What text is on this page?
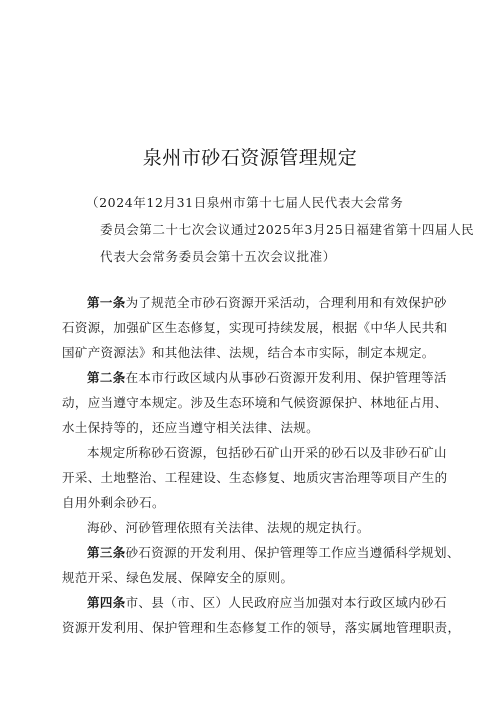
泉州市砂石资源管理规定
（2024年12月31日泉州市第十七届人民代表大会常务
委员会第二十七次会议通过2025年3月25日福建省第十四届人民
代表大会常务委员会第十五次会议批准）
第一条为了规范全市砂石资源开采活动，合理利用和有效保护砂
石资源，加强矿区生态修复，实现可持续发展，根据《中华人民共和
国矿产资源法》和其他法律、法规，结合本市实际，制定本规定。
第二条在本市行政区域内从事砂石资源开发利用、保护管理等活
动，应当遵守本规定。涉及生态环境和气候资源保护、林地征占用、
水土保持等的，还应当遵守相关法律、法规。
本规定所称砂石资源，包括砂石矿山开采的砂石以及非砂石矿山
开采、土地整治、工程建设、生态修复、地质灾害治理等项目产生的
自用外剩余砂石。
海砂、河砂管理依照有关法律、法规的规定执行。
第三条砂石资源的开发利用、保护管理等工作应当遵循科学规划、
规范开采、绿色发展、保障安全的原则。
第四条市、县（市、区）人民政府应当加强对本行政区域内砂石
资源开发利用、保护管理和生态修复工作的领导，落实属地管理职责，
